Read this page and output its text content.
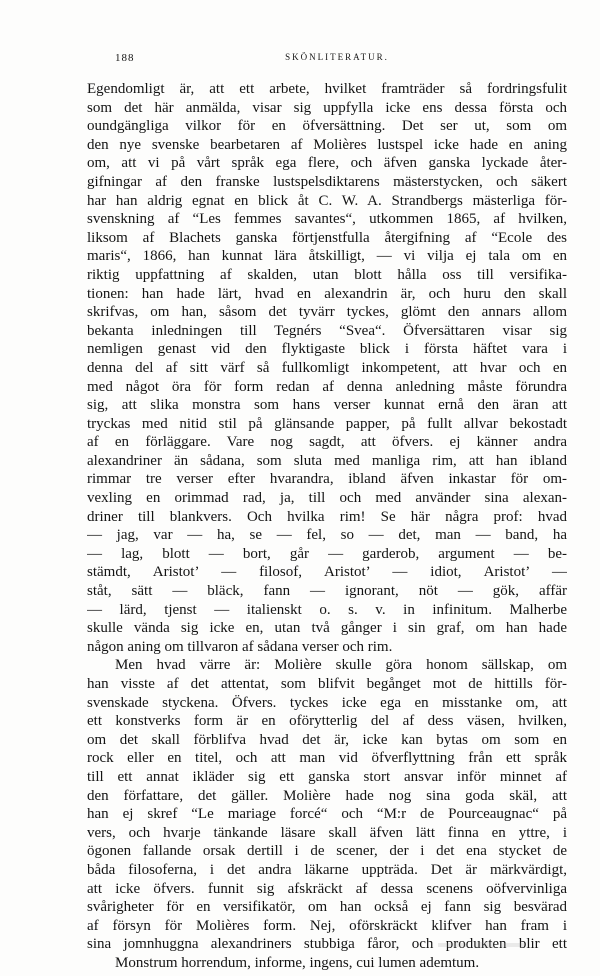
188	SKÖNLITERATUR.
Egendomligt är, att ett arbete, hvilket framträder så fordringsfulit
som det här anmälda, visar sig uppfylla icke ens dessa första och
oundgängliga vilkor för en öfversättning. Det ser ut, som om
den nye svenske bearbetaren af Molières lustspel icke hade en aning
om, att vi på vårt språk ega flere, och äfven ganska lyckade åter-
gifningar af den franske lustspelsdiktarens mästerstycken, och säkert
har han aldrig egnat en blick åt C. W. A. Strandbergs mästerliga för-
svenskning af “Les femmes savantes“, utkommen 1865, af hvilken,
liksom af Blachets ganska förtjenstfulla återgifning af “Ecole des
maris“, 1866, han kunnat lära åtskilligt, — vi vilja ej tala om en
riktig uppfattning af skalden, utan blott hålla oss till versifika-
tionen: han hade lärt, hvad en alexandrin är, och huru den skall
skrifvas, om han, såsom det tyvärr tyckes, glömt den annars allom
bekanta inledningen till Tegnérs “Svea“. Öfversättaren visar sig
nemligen genast vid den flyktigaste blick i första häftet vara i
denna del af sitt värf så fullkomligt inkompetent, att hvar och en
med något öra för form redan af denna anledning måste förundra
sig, att slika monstra som hans verser kunnat ernå den äran att
tryckas med nitid stil på glänsande papper, på fullt allvar bekostadt
af en förläggare. Vare nog sagdt, att öfvers. ej känner andra
alexandriner än sådana, som sluta med manliga rim, att han ibland
rimmar tre verser efter hvarandra, ibland äfven inkastar för om-
vexling en orimmad rad, ja, till och med använder sina alexan-
driner till blankvers. Och hvilka rim! Se här några prof: hvad
— jag, var — ha, se — fel, so — det, man — band, ha
— lag, blott — bort, går — garderob, argument — be-
stämdt, Aristot’ — filosof, Aristot’ — idiot, Aristot’ —
ståt, sätt — bläck, fann — ignorant, nöt — gök, affär
— lärd, tjenst — italienskt o. s. v. in infinitum. Malherbe
skulle vända sig icke en, utan två gånger i sin graf, om han hade
någon aning om tillvaron af sådana verser och rim.
Men hvad värre är: Molière skulle göra honom sällskap, om
han visste af det attentat, som blifvit begånget mot de hittills för-
svenskade styckena. Öfvers. tyckes icke ega en misstanke om, att
ett konstverks form är en oförytterlig del af dess väsen, hvilken,
om det skall förblifva hvad det är, icke kan bytas om som en
rock eller en titel, och att man vid öfverflyttning från ett språk
till ett annat ikläder sig ett ganska stort ansvar inför minnet af
den författare, det gäller. Molière hade nog sina goda skäl, att
han ej skref “Le mariage forcé“ och “M:r de Pourceaugnac“ på
vers, och hvarje tänkande läsare skall äfven lätt finna en yttre, i
ögonen fallande orsak dertill i de scener, der i det ena stycket de
båda filosoferna, i det andra läkarne uppträda. Det är märkvärdigt,
att icke öfvers. funnit sig afskräckt af dessa scenens oöfvervinliga
svårigheter för en versifikatör, om han också ej fann sig besvärad
af försyn för Molières form. Nej, oförskräckt klifver han fram i
sina jomnhuggna alexandriners stubbiga fåror, och produkten blir ett
Monstrum horrendum, informe, ingens, cui lumen ademtum.
